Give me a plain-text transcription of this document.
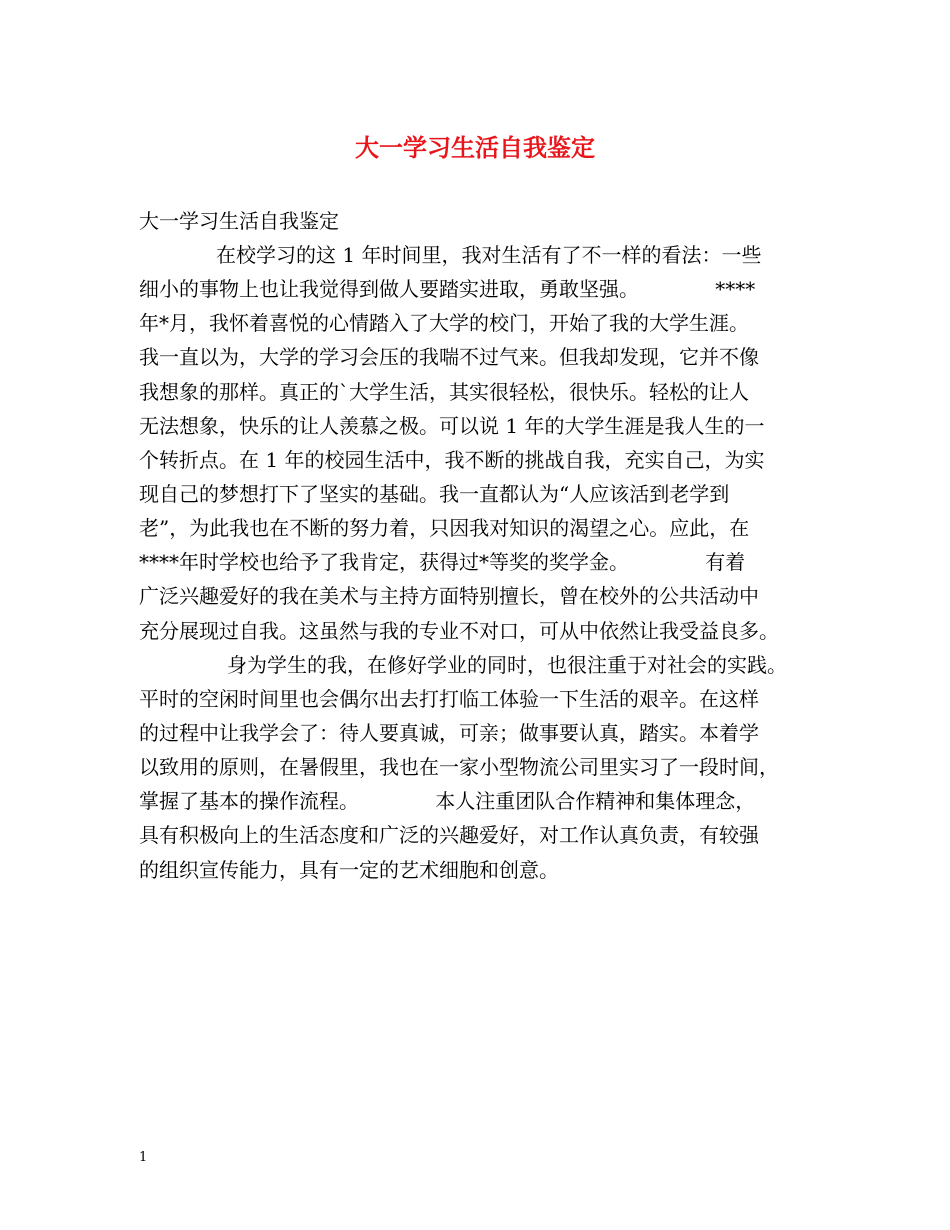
大一学习生活自我鉴定
大一学习生活自我鉴定
在校学习的这 1 年时间里，我对生活有了不一样的看法：一些
细小的事物上也让我觉得到做人要踏实进取，勇敢坚强。            ****
年*月，我怀着喜悦的心情踏入了大学的校门，开始了我的大学生涯。
我一直以为，大学的学习会压的我喘不过气来。但我却发现，它并不像
我想象的那样。真正的`大学生活，其实很轻松，很快乐。轻松的让人
无法想象，快乐的让人羡慕之极。可以说 1 年的大学生涯是我人生的一
个转折点。在 1 年的校园生活中，我不断的挑战自我，充实自己，为实
现自己的梦想打下了坚实的基础。我一直都认为“人应该活到老学到
老”，为此我也在不断的努力着，只因我对知识的渴望之心。应此，在
****年时学校也给予了我肯定，获得过*等奖的奖学金。            有着
广泛兴趣爱好的我在美术与主持方面特别擅长，曾在校外的公共活动中
充分展现过自我。这虽然与我的专业不对口，可从中依然让我受益良多。
身为学生的我，在修好学业的同时，也很注重于对社会的实践。
平时的空闲时间里也会偶尔出去打打临工体验一下生活的艰辛。在这样
的过程中让我学会了：待人要真诚，可亲；做事要认真，踏实。本着学
以致用的原则，在暑假里，我也在一家小型物流公司里实习了一段时间，
掌握了基本的操作流程。            本人注重团队合作精神和集体理念，
具有积极向上的生活态度和广泛的兴趣爱好，对工作认真负责，有较强
的组织宣传能力，具有一定的艺术细胞和创意。
1
